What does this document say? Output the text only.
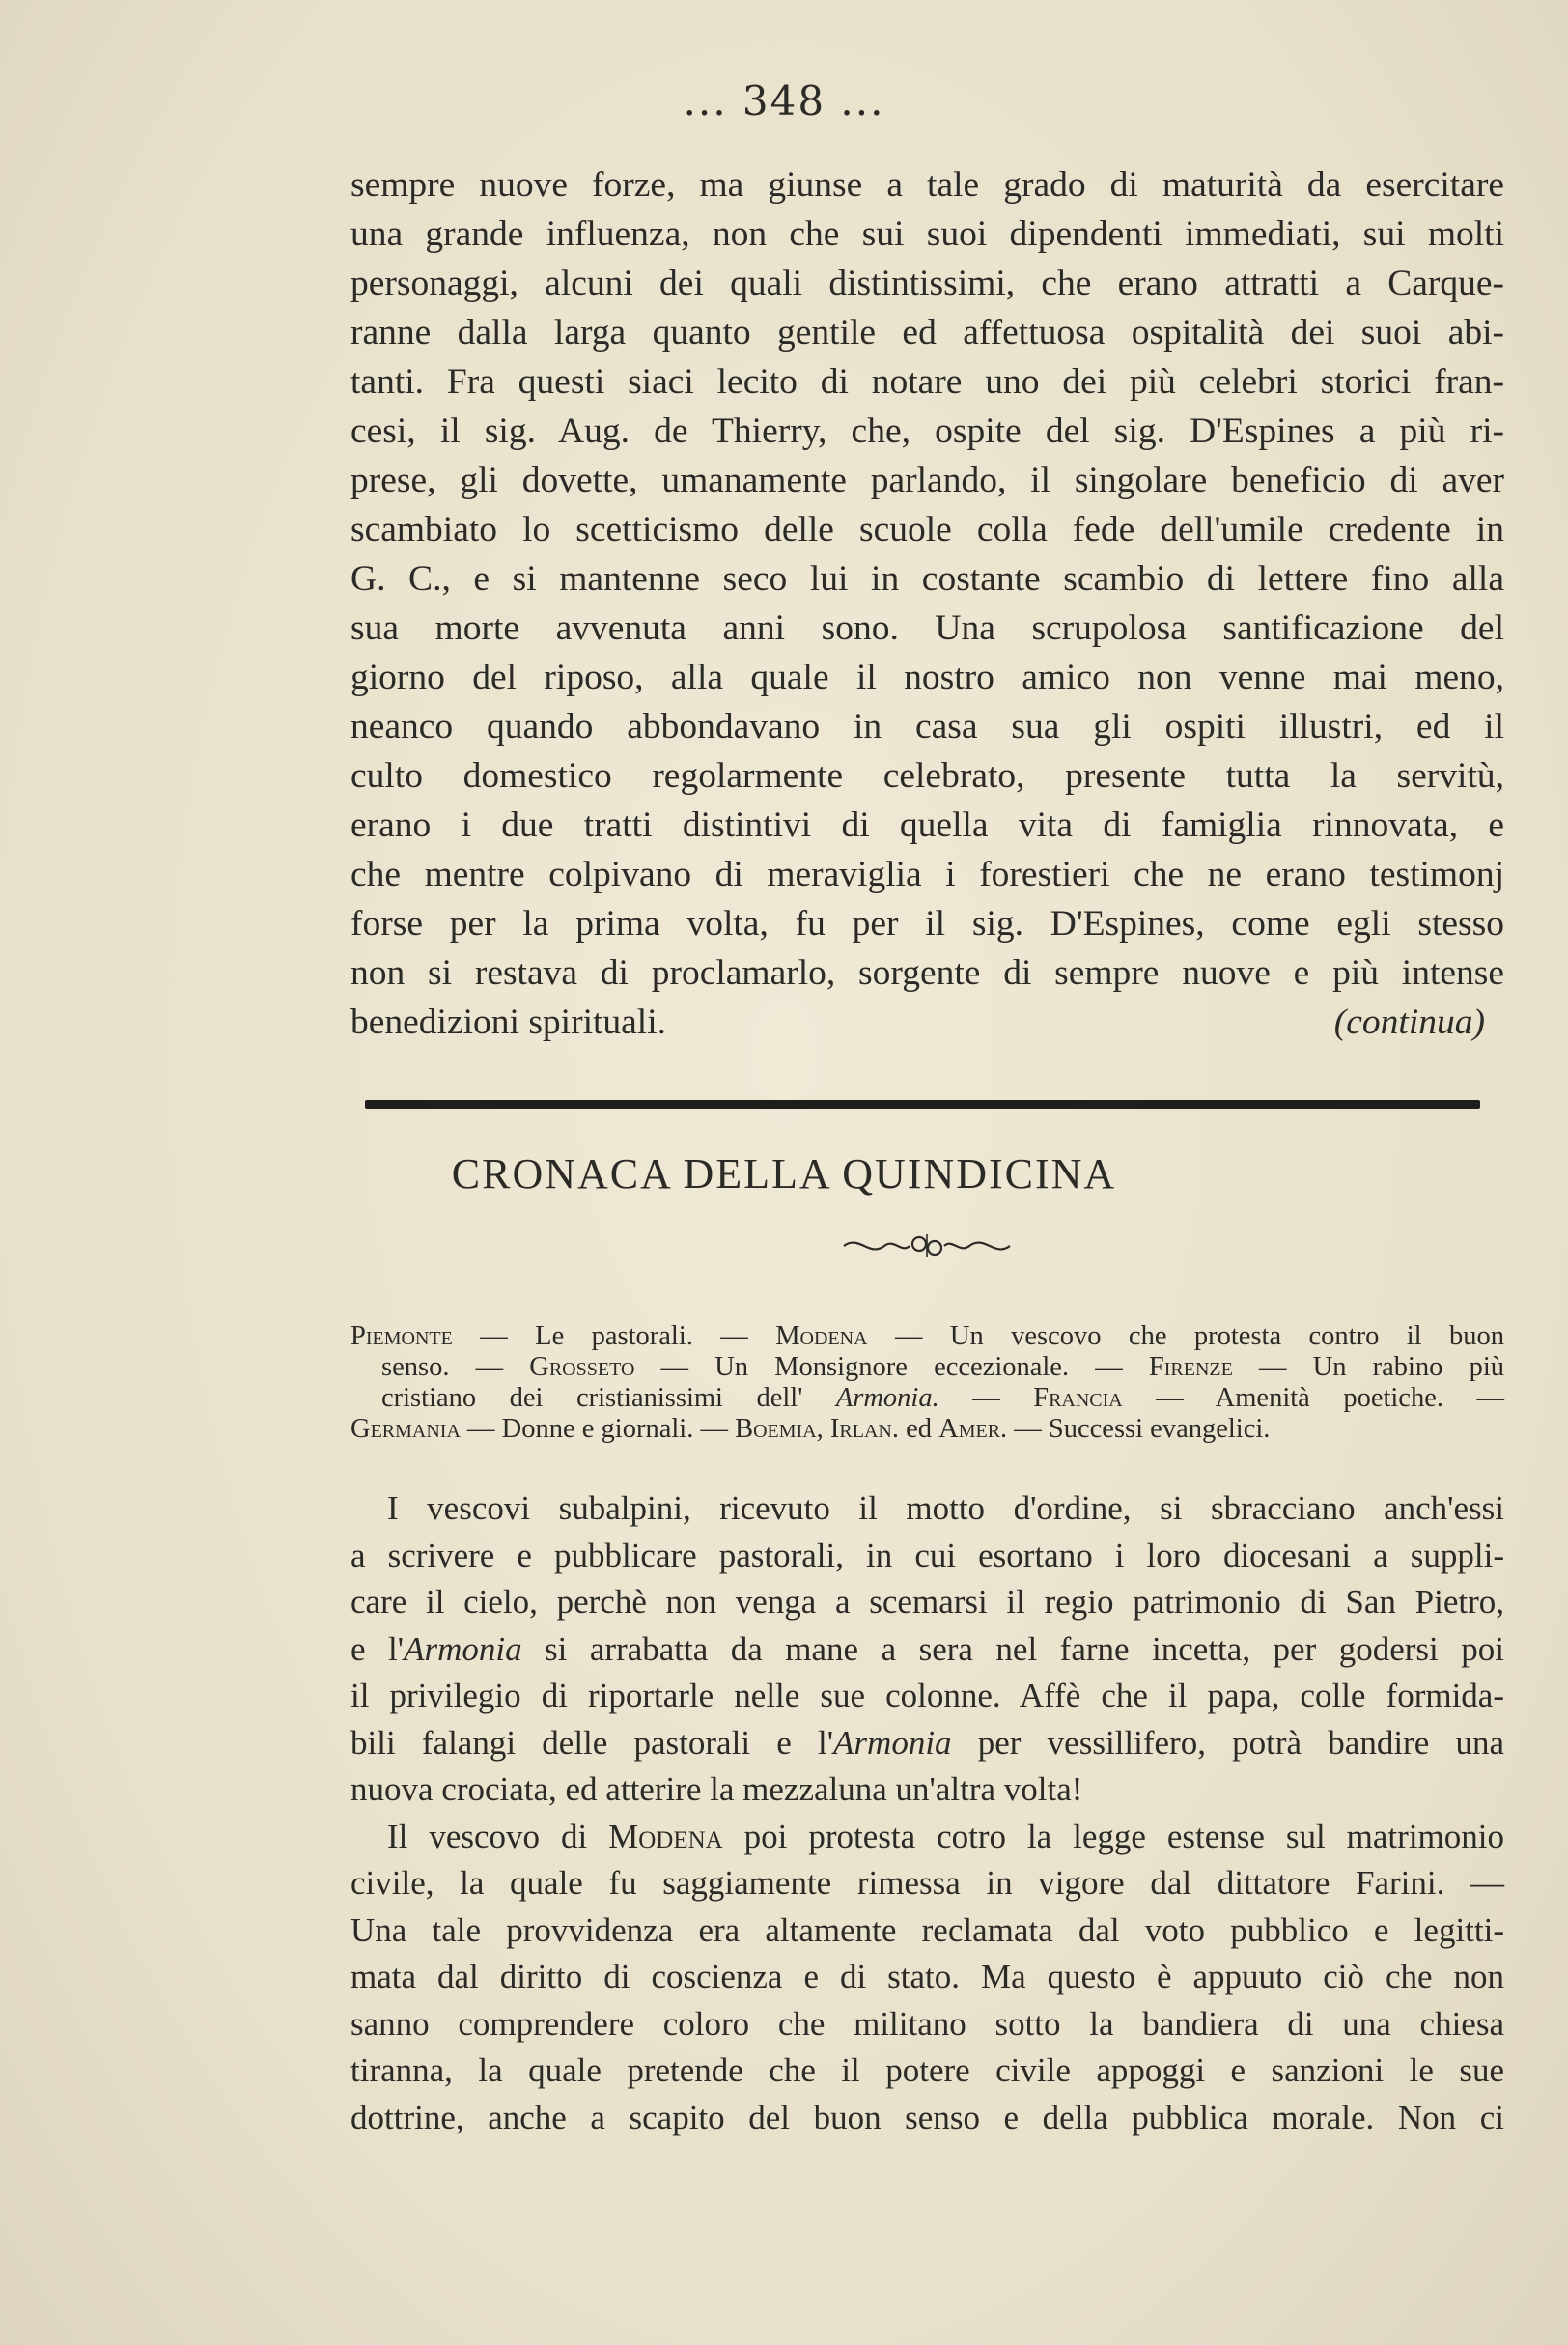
... 348 ...
sempre nuove forze, ma giunse a tale grado di maturità da esercitare
una grande influenza, non che sui suoi dipendenti immediati, sui molti
personaggi, alcuni dei quali distintissimi, che erano attratti a Carque-
ranne dalla larga quanto gentile ed affettuosa ospitalità dei suoi abi-
tanti. Fra questi siaci lecito di notare uno dei più celebri storici fran-
cesi, il sig. Aug. de Thierry, che, ospite del sig. D'Espines a più ri-
prese, gli dovette, umanamente parlando, il singolare beneficio di aver
scambiato lo scetticismo delle scuole colla fede dell'umile credente in
G. C., e si mantenne seco lui in costante scambio di lettere fino alla
sua morte avvenuta anni sono. Una scrupolosa santificazione del
giorno del riposo, alla quale il nostro amico non venne mai meno,
neanco quando abbondavano in casa sua gli ospiti illustri, ed il
culto domestico regolarmente celebrato, presente tutta la servitù,
erano i due tratti distintivi di quella vita di famiglia rinnovata, e
che mentre colpivano di meraviglia i forestieri che ne erano testimonj
forse per la prima volta, fu per il sig. D'Espines, come egli stesso
non si restava di proclamarlo, sorgente di sempre nuove e più intense
benedizioni spirituali.	(continua)
CRONACA DELLA QUINDICINA
Piemonte — Le pastorali. — Modena — Un vescovo che protesta contro il buon
senso. — Grosseto — Un Monsignore eccezionale. — Firenze — Un rabino più
cristiano dei cristianissimi dell' Armonia. — Francia — Amenità poetiche. —
Germania — Donne e giornali. — Boemia, Irlan. ed Amer. — Successi evangelici.
I vescovi subalpini, ricevuto il motto d'ordine, si sbracciano anch'essi
a scrivere e pubblicare pastorali, in cui esortano i loro diocesani a suppli-
care il cielo, perchè non venga a scemarsi il regio patrimonio di San Pietro,
e l'Armonia si arrabatta da mane a sera nel farne incetta, per godersi poi
il privilegio di riportarle nelle sue colonne. Affè che il papa, colle formida-
bili falangi delle pastorali e l'Armonia per vessillifero, potrà bandire una
nuova crociata, ed atterire la mezzaluna un'altra volta!
Il vescovo di Modena poi protesta cotro la legge estense sul matrimonio
civile, la quale fu saggiamente rimessa in vigore dal dittatore Farini. —
Una tale provvidenza era altamente reclamata dal voto pubblico e legitti-
mata dal diritto di coscienza e di stato. Ma questo è appuuto ciò che non
sanno comprendere coloro che militano sotto la bandiera di una chiesa
tiranna, la quale pretende che il potere civile appoggi e sanzioni le sue
dottrine, anche a scapito del buon senso e della pubblica morale. Non ci
